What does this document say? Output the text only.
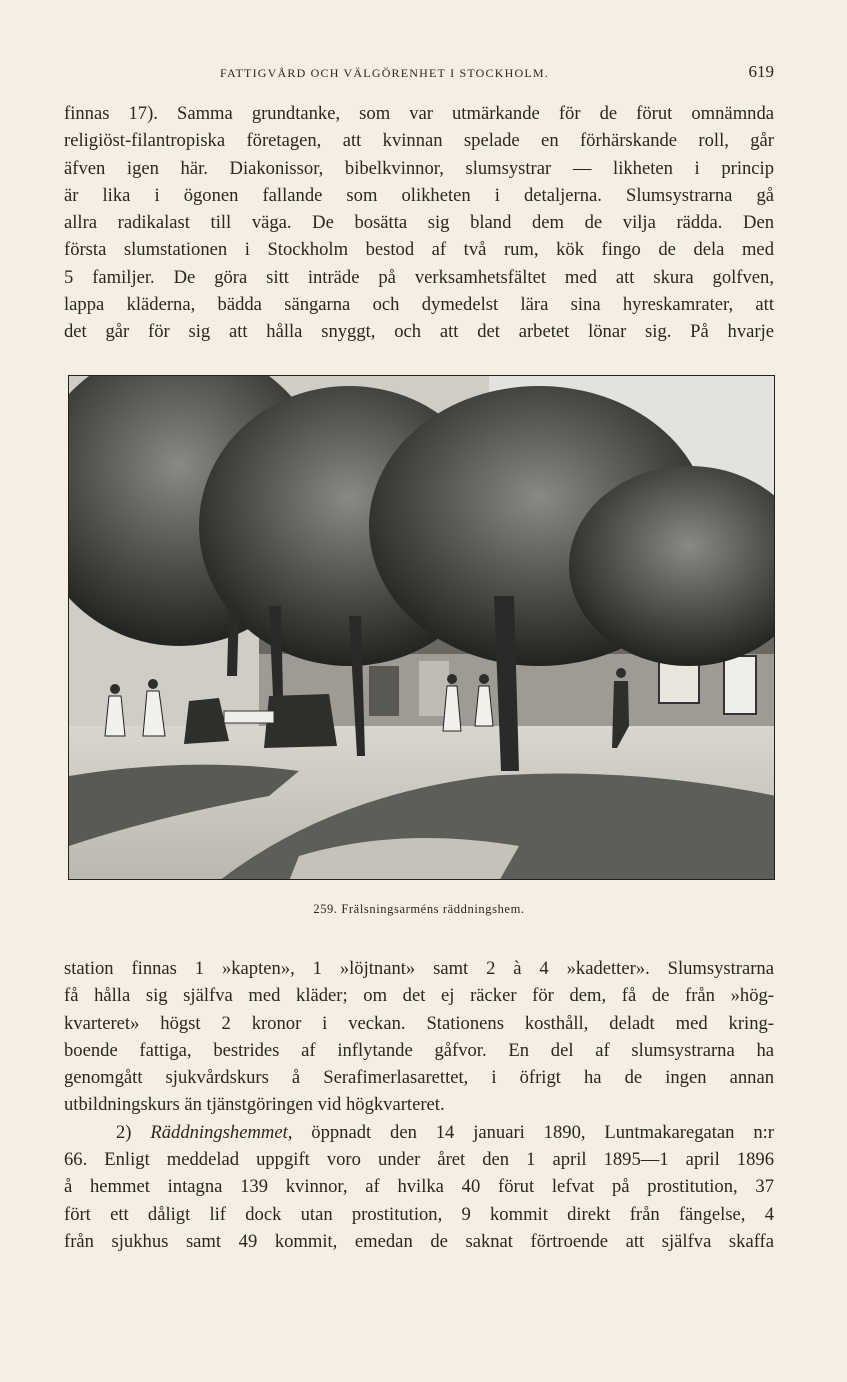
FATTIGVÅRD OCH VÄLGÖRENHET I STOCKHOLM.	619
finnas 17). Samma grundtanke, som var utmärkande för de förut omnämnda
religiöst-filantropiska företagen, att kvinnan spelade en förhärskande roll, går
äfven igen här. Diakonissor, bibelkvinnor, slumsystrar — likheten i princip
är lika i ögonen fallande som olikheten i detaljerna. Slumsystrarna gå
allra radikalast till väga. De bosätta sig bland dem de vilja rädda. Den
första slumstationen i Stockholm bestod af två rum, kök fingo de dela med
5 familjer. De göra sitt inträde på verksamhetsfältet med att skura golfven,
lappa kläderna, bädda sängarna och dymedelst lära sina hyreskamrater, att
det går för sig att hålla snyggt, och att det arbetet lönar sig. På hvarje
259. Frälsningsarméns räddningshem.
station finnas 1 »kapten», 1 »löjtnant» samt 2 à 4 »kadetter». Slumsystrarna
få hålla sig själfva med kläder; om det ej räcker för dem, få de från »hög-
kvarteret» högst 2 kronor i veckan. Stationens kosthåll, deladt med kring-
boende fattiga, bestrides af inflytande gåfvor. En del af slumsystrarna ha
genomgått sjukvårdskurs å Serafimerlasarettet, i öfrigt ha de ingen annan
utbildningskurs än tjänstgöringen vid högkvarteret.
2) Räddningshemmet, öppnadt den 14 januari 1890, Luntmakaregatan n:r
66. Enligt meddelad uppgift voro under året den 1 april 1895—1 april 1896
å hemmet intagna 139 kvinnor, af hvilka 40 förut lefvat på prostitution, 37
fört ett dåligt lif dock utan prostitution, 9 kommit direkt från fängelse, 4
från sjukhus samt 49 kommit, emedan de saknat förtroende att själfva skaffa
